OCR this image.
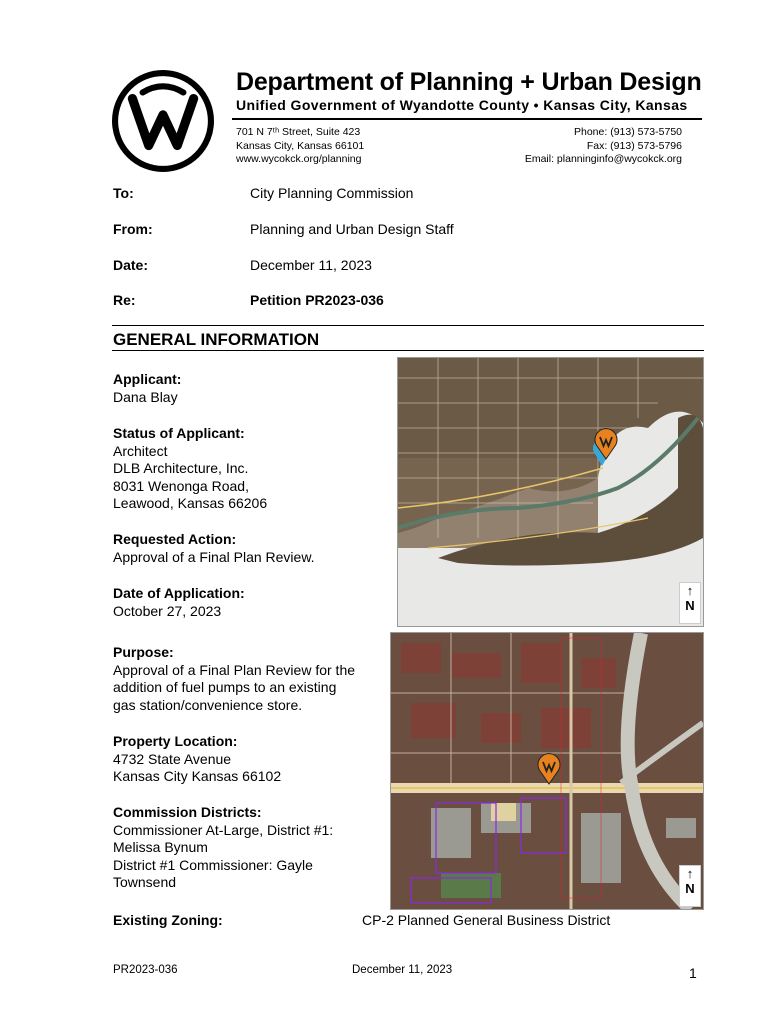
Department of Planning + Urban Design
Unified Government of Wyandotte County • Kansas City, Kansas
701 N 7ᵗʰ Street, Suite 423
Kansas City, Kansas 66101
www.wycokck.org/planning
Phone: (913) 573-5750
Fax: (913) 573-5796
Email: planninginfo@wycokck.org
To:	City Planning Commission
From:	Planning and Urban Design Staff
Date:	December 11, 2023
Re:	Petition PR2023-036
GENERAL INFORMATION
Applicant:
Dana Blay
Status of Applicant:
Architect
DLB Architecture, Inc.
8031 Wenonga Road,
Leawood, Kansas 66206
Requested Action:
Approval of a Final Plan Review.
Date of Application:
October 27, 2023
Purpose:
Approval of a Final Plan Review for the
addition of fuel pumps to an existing
gas station/convenience store.
Property Location:
4732 State Avenue
Kansas City Kansas 66102
Commission Districts:
Commissioner At-Large, District #1:
Melissa Bynum
District #1 Commissioner: Gayle
Townsend
↑
N
↑
N
Existing Zoning:	CP-2 Planned General Business District
PR2023-036	December 11, 2023	1
